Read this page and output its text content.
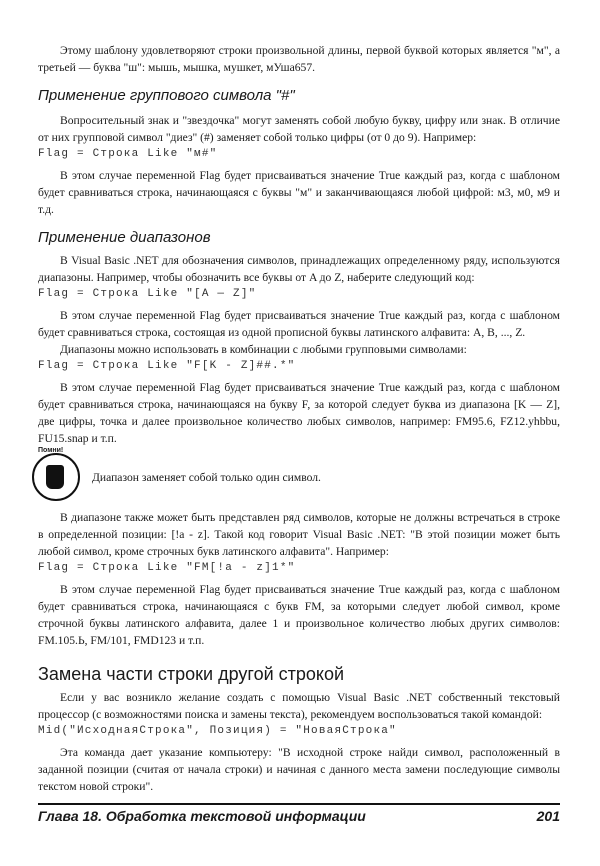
Этому шаблону удовлетворяют строки произвольной длины, первой буквой которых является "м", а третьей — буква "ш": мышь, мышка, мушкет, мУша657.

Применение группового символа "#"

Вопросительный знак и "звездочка" могут заменять собой любую букву, цифру или знак. В отличие от них групповой символ "диез" (#) заменяет собой только цифры (от 0 до 9). Например:

Flag = Строка Like "м#"

В этом случае переменной Flag будет присваиваться значение True каждый раз, когда с шаблоном будет сравниваться строка, начинающаяся с буквы "м" и заканчивающаяся любой цифрой: м3, м0, м9 и т.д.

Применение диапазонов

В Visual Basic .NET для обозначения символов, принадлежащих определенному ряду, используются диапазоны. Например, чтобы обозначить все буквы от A до Z, наберите следующий код:

Flag = Строка Like "[A — Z]"

В этом случае переменной Flag будет присваиваться значение True каждый раз, когда с шаблоном будет сравниваться строка, состоящая из одной прописной буквы латинского алфавита: A, B, ..., Z.

Диапазоны можно использовать в комбинации с любыми групповыми символами:

Flag = Строка Like "F[K - Z]##.*"

В этом случае переменной Flag будет присваиваться значение True каждый раз, когда с шаблоном будет сравниваться строка, начинающаяся на букву F, за которой следует буква из диапазона [K — Z], две цифры, точка и далее произвольное количество любых символов, например: FM95.6, FZ12.yhbbu, FU15.snap и т.п.

Помни!
Диапазон заменяет собой только один символ.

В диапазоне также может быть представлен ряд символов, которые не должны встречаться в строке в определенной позиции: [!a - z]. Такой код говорит Visual Basic .NET: "В этой позиции может быть любой символ, кроме строчных букв латинского алфавита". Например:

Flag = Строка Like "FM[!a - z]1*"

В этом случае переменной Flag будет присваиваться значение True каждый раз, когда с шаблоном будет сравниваться строка, начинающаяся с букв FM, за которыми следует любой символ, кроме строчной буквы латинского алфавита, далее 1 и произвольное количество любых других символов: FM.105.Ь, FM/101, FMD123 и т.п.

Замена части строки другой строкой

Если у вас возникло желание создать с помощью Visual Basic .NET собственный текстовый процессор (с возможностями поиска и замены текста), рекомендуем воспользоваться такой командой:

Mid("ИсходнаяСтрока", Позиция) = "НоваяСтрока"

Эта команда дает указание компьютеру: "В исходной строке найди символ, расположенный в заданной позиции (считая от начала строки) и начиная с данного места замени последующие символы текстом новой строки".

Глава 18. Обработка текстовой информации	201
